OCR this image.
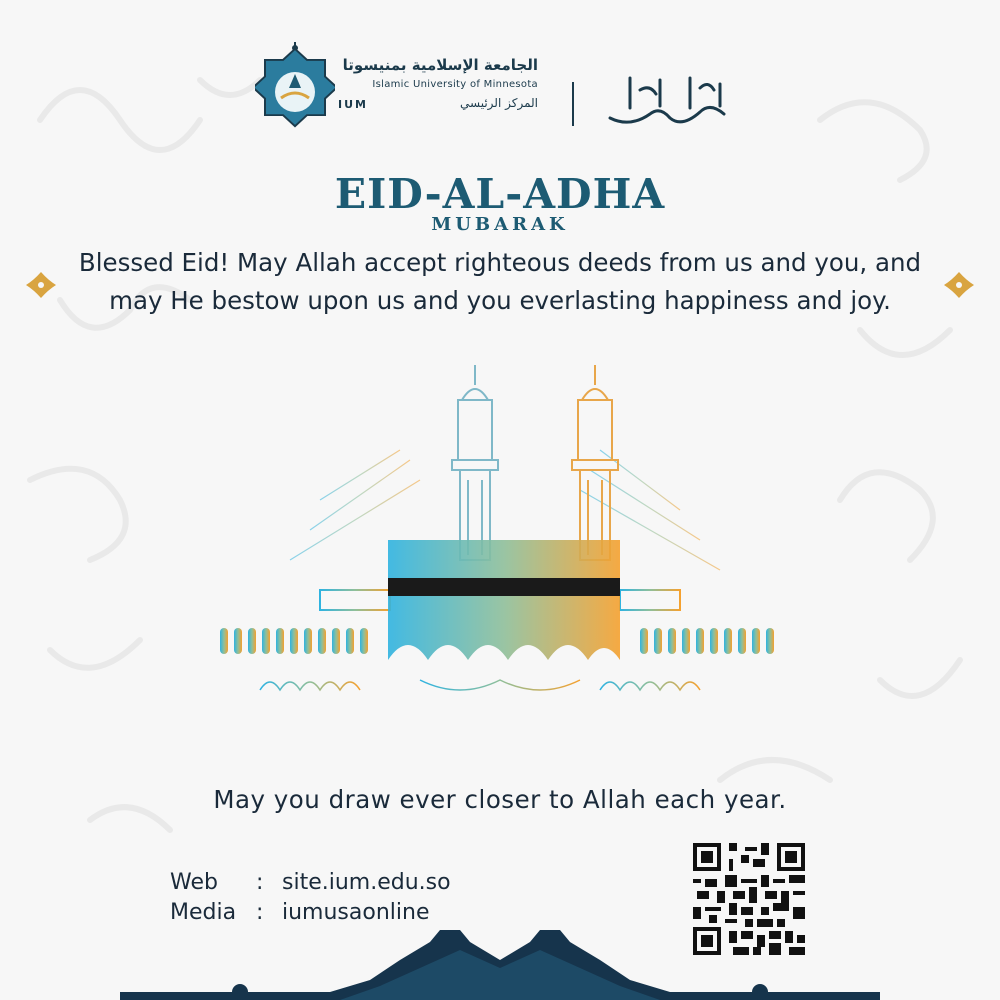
الجامعة الإسلامية بمنيسوتا
Islamic University of Minnesota
IUM	المركز الرئيسي
EID-AL-ADHA
MUBARAK
Blessed Eid! May Allah accept righteous deeds from us and you, and may He bestow upon us and you everlasting happiness and joy.
May you draw ever closer to Allah each year.
Web : site.ium.edu.so
Media : iumusaonline
